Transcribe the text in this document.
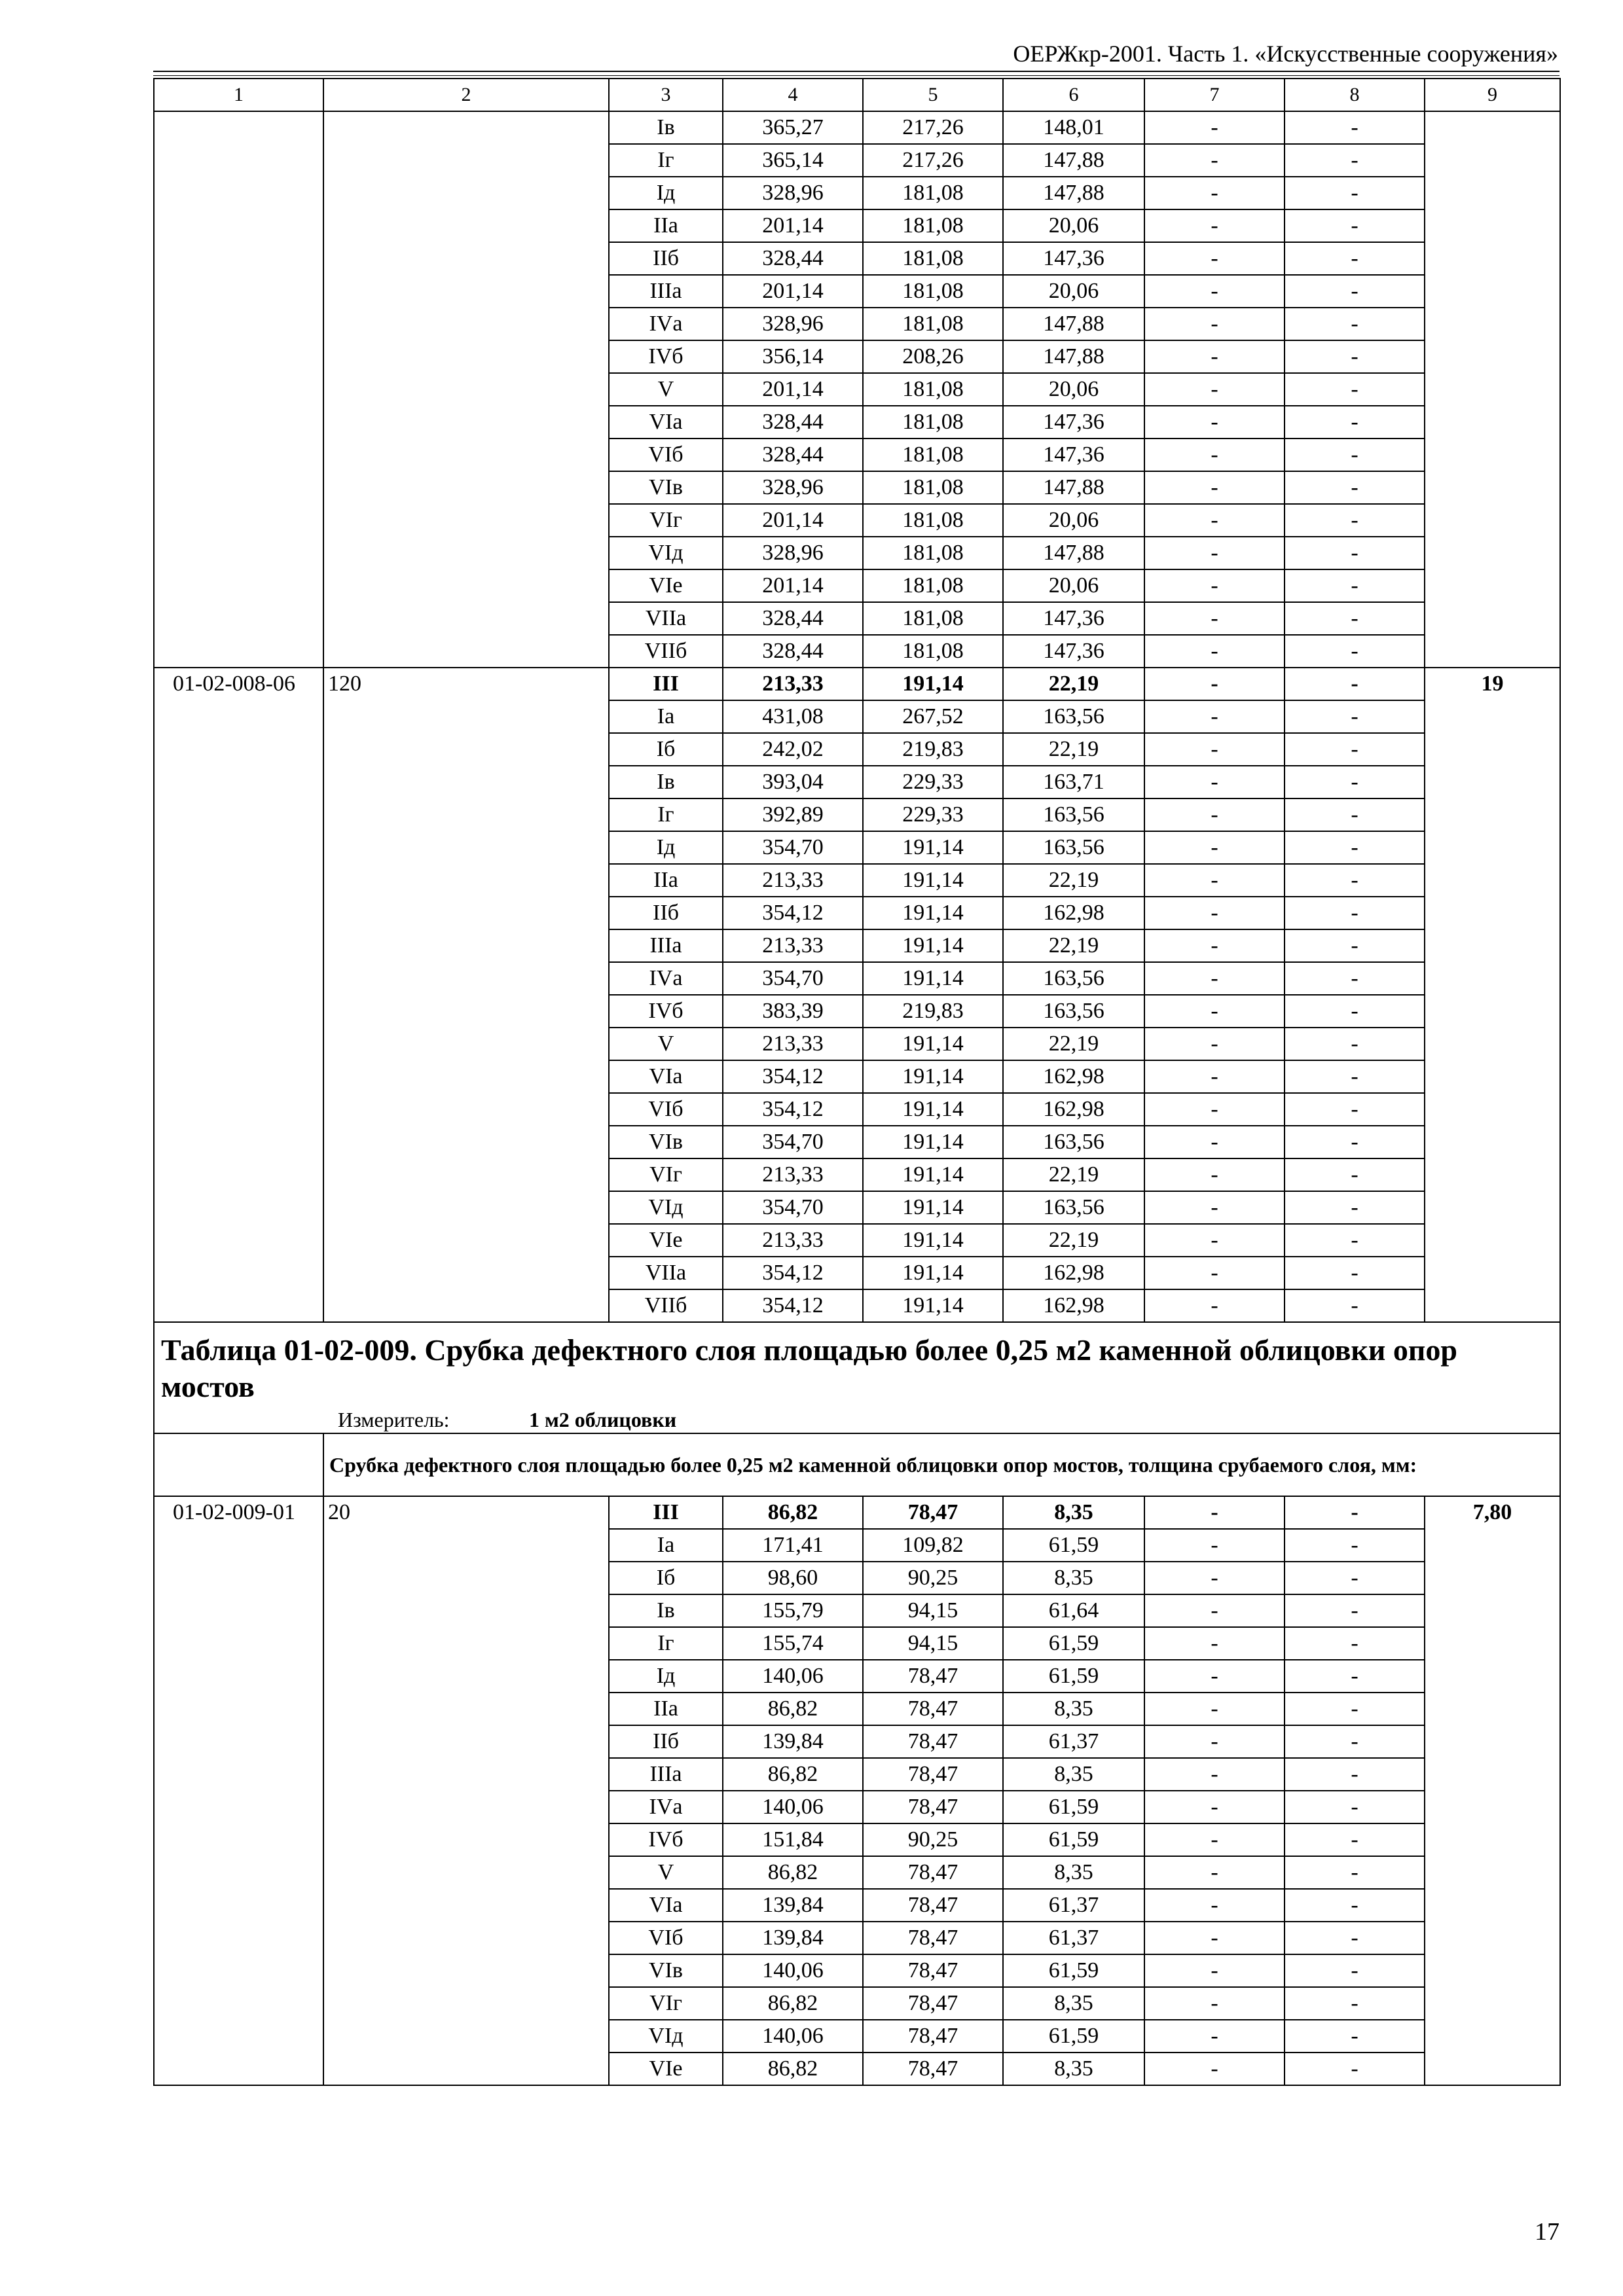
ОЕРЖкр-2001. Часть 1. «Искусственные сооружения»
1	2	3	4	5	6	7	8	9
		Iв	365,27	217,26	148,01	-	-	
		Iг	365,14	217,26	147,88	-	-	
		Iд	328,96	181,08	147,88	-	-	
		IIа	201,14	181,08	20,06	-	-	
		IIб	328,44	181,08	147,36	-	-	
		IIIа	201,14	181,08	20,06	-	-	
		IVа	328,96	181,08	147,88	-	-	
		IVб	356,14	208,26	147,88	-	-	
		V	201,14	181,08	20,06	-	-	
		VIа	328,44	181,08	147,36	-	-	
		VIб	328,44	181,08	147,36	-	-	
		VIв	328,96	181,08	147,88	-	-	
		VIг	201,14	181,08	20,06	-	-	
		VIд	328,96	181,08	147,88	-	-	
		VIе	201,14	181,08	20,06	-	-	
		VIIа	328,44	181,08	147,36	-	-	
		VIIб	328,44	181,08	147,36	-	-	
01-02-008-06	120	III	213,33	191,14	22,19	-	-	19
		Iа	431,08	267,52	163,56	-	-	
		Iб	242,02	219,83	22,19	-	-	
		Iв	393,04	229,33	163,71	-	-	
		Iг	392,89	229,33	163,56	-	-	
		Iд	354,70	191,14	163,56	-	-	
		IIа	213,33	191,14	22,19	-	-	
		IIб	354,12	191,14	162,98	-	-	
		IIIа	213,33	191,14	22,19	-	-	
		IVа	354,70	191,14	163,56	-	-	
		IVб	383,39	219,83	163,56	-	-	
		V	213,33	191,14	22,19	-	-	
		VIа	354,12	191,14	162,98	-	-	
		VIб	354,12	191,14	162,98	-	-	
		VIв	354,70	191,14	163,56	-	-	
		VIг	213,33	191,14	22,19	-	-	
		VIд	354,70	191,14	163,56	-	-	
		VIе	213,33	191,14	22,19	-	-	
		VIIа	354,12	191,14	162,98	-	-	
		VIIб	354,12	191,14	162,98	-	-	

Таблица 01-02-009. Срубка дефектного слоя площадью более 0,25 м2 каменной облицовки опор мостов
Измеритель: 1 м2 облицовки								

	Срубка дефектного слоя площадью более 0,25 м2 каменной облицовки опор мостов, толщина срубаемого слоя, мм:							
01-02-009-01	20	III	86,82	78,47	8,35	-	-	7,80
		Iа	171,41	109,82	61,59	-	-	
		Iб	98,60	90,25	8,35	-	-	
		Iв	155,79	94,15	61,64	-	-	
		Iг	155,74	94,15	61,59	-	-	
		Iд	140,06	78,47	61,59	-	-	
		IIа	86,82	78,47	8,35	-	-	
		IIб	139,84	78,47	61,37	-	-	
		IIIа	86,82	78,47	8,35	-	-	
		IVа	140,06	78,47	61,59	-	-	
		IVб	151,84	90,25	61,59	-	-	
		V	86,82	78,47	8,35	-	-	
		VIа	139,84	78,47	61,37	-	-	
		VIб	139,84	78,47	61,37	-	-	
		VIв	140,06	78,47	61,59	-	-	
		VIг	86,82	78,47	8,35	-	-	
		VIд	140,06	78,47	61,59	-	-	
		VIе	86,82	78,47	8,35	-	-	
17
